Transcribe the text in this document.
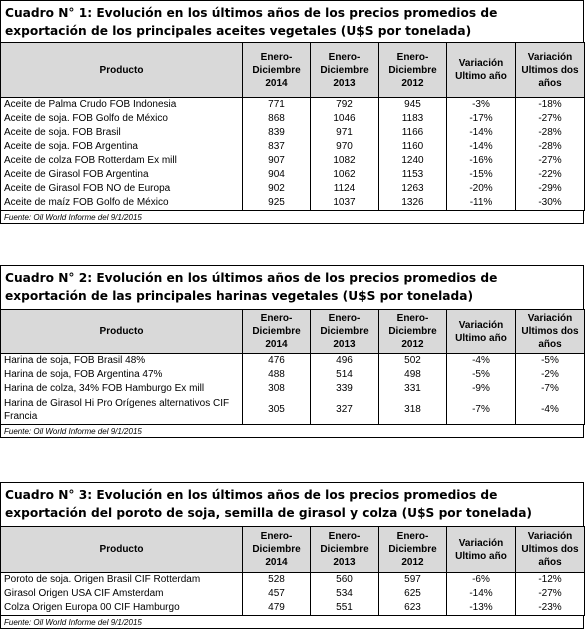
Cuadro N° 1: Evolución en los últimos años de los precios promedios de exportación de los principales aceites vegetales (U$S por tonelada)
Producto	Enero-Diciembre 2014	Enero-Diciembre 2013	Enero-Diciembre 2012	Variación Ultimo año	Variación Ultimos dos años
Aceite de Palma Crudo FOB Indonesia	771	792	945	-3%	-18%
Aceite de soja. FOB Golfo de México	868	1046	1183	-17%	-27%
Aceite de soja. FOB Brasil	839	971	1166	-14%	-28%
Aceite de soja. FOB Argentina	837	970	1160	-14%	-28%
Aceite de colza FOB Rotterdam Ex mill	907	1082	1240	-16%	-27%
Aceite de Girasol FOB Argentina	904	1062	1153	-15%	-22%
Aceite de Girasol FOB NO de Europa	902	1124	1263	-20%	-29%
Aceite de maíz FOB Golfo de México	925	1037	1326	-11%	-30%
Fuente: Oil World Informe del 9/1/2015
Cuadro N° 2: Evolución en los últimos años de los precios promedios de exportación de las principales harinas vegetales (U$S por tonelada)
Producto	Enero-Diciembre 2014	Enero-Diciembre 2013	Enero-Diciembre 2012	Variación Ultimo año	Variación Ultimos dos años
Harina de soja, FOB Brasil 48%	476	496	502	-4%	-5%
Harina de soja, FOB Argentina 47%	488	514	498	-5%	-2%
Harina de colza, 34% FOB Hamburgo Ex mill	308	339	331	-9%	-7%
Harina de Girasol Hi Pro Orígenes alternativos CIF Francia	305	327	318	-7%	-4%
Fuente: Oil World Informe del 9/1/2015
Cuadro N° 3: Evolución en los últimos años de los precios promedios de exportación del poroto de soja, semilla de girasol y colza (U$S por tonelada)
Producto	Enero-Diciembre 2014	Enero-Diciembre 2013	Enero-Diciembre 2012	Variación Ultimo año	Variación Ultimos dos años
Poroto de soja. Origen Brasil CIF Rotterdam	528	560	597	-6%	-12%
Girasol Origen USA CIF Amsterdam	457	534	625	-14%	-27%
Colza Origen Europa 00 CIF Hamburgo	479	551	623	-13%	-23%
Fuente: Oil World Informe del 9/1/2015
